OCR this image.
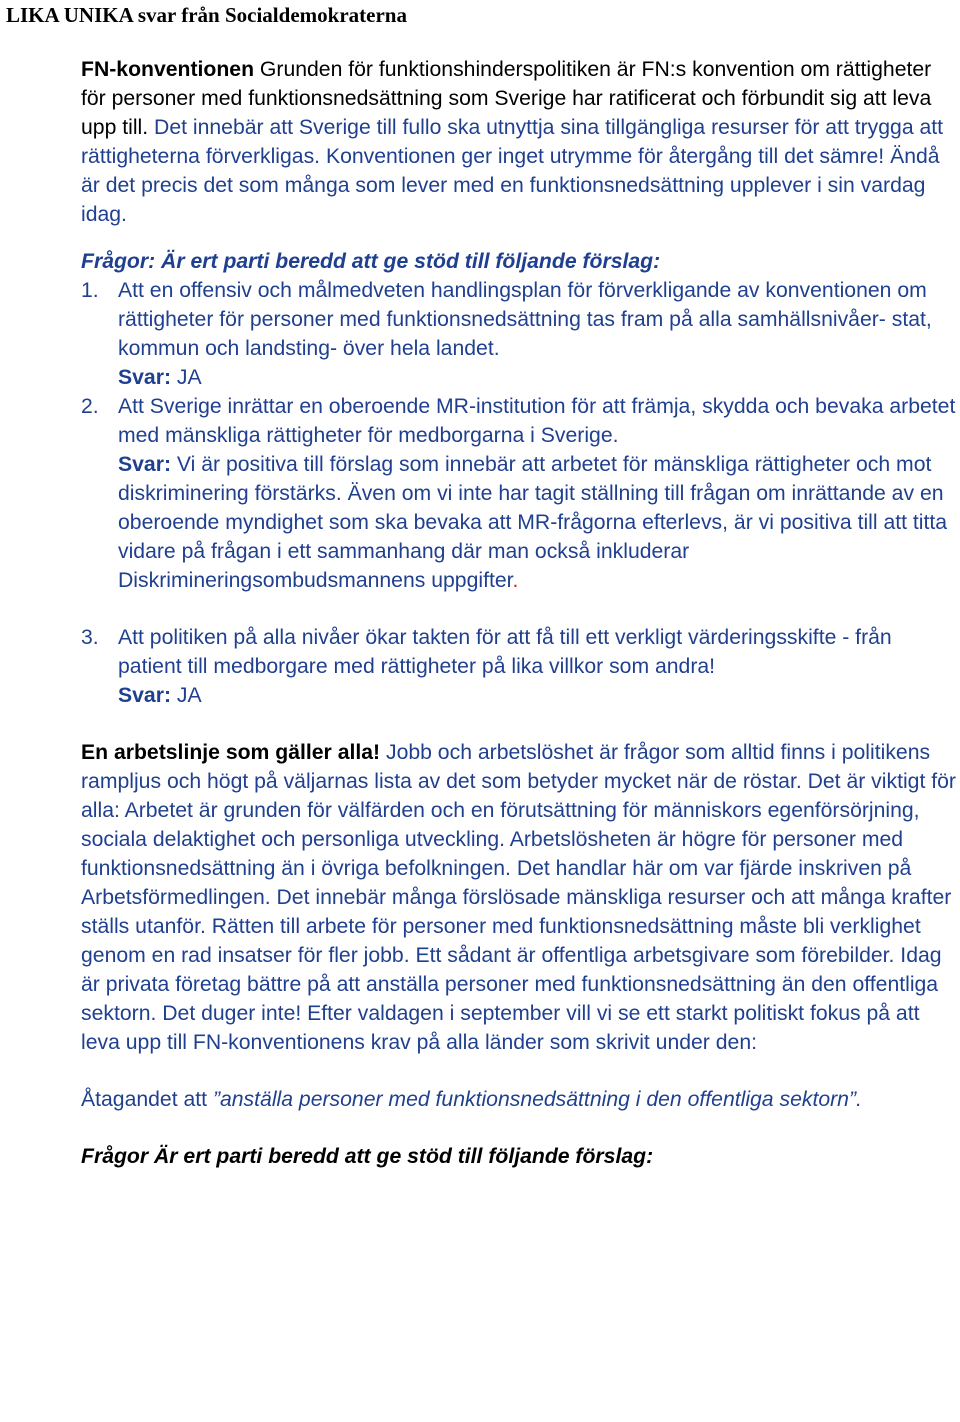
LIKA UNIKA svar från Socialdemokraterna

FN-konventionen Grunden för funktionshinderspolitiken är FN:s konvention om rättigheter för personer med funktionsnedsättning som Sverige har ratificerat och förbundit sig att leva upp till. Det innebär att Sverige till fullo ska utnyttja sina tillgängliga resurser för att trygga att rättigheterna förverkligas. Konventionen ger inget utrymme för återgång till det sämre! Ändå är det precis det som många som lever med en funktionsnedsättning upplever i sin vardag idag.

Frågor: Är ert parti beredd att ge stöd till följande förslag:

1. Att en offensiv och målmedveten handlingsplan för förverkligande av konventionen om rättigheter för personer med funktionsnedsättning tas fram på alla samhällsnivåer- stat, kommun och landsting- över hela landet.

Svar: JA

2. Att Sverige inrättar en oberoende MR-institution för att främja, skydda och bevaka arbetet med mänskliga rättigheter för medborgarna i Sverige.

Svar: Vi är positiva till förslag som innebär att arbetet för mänskliga rättigheter och mot diskriminering förstärks. Även om vi inte har tagit ställning till frågan om inrättande av en oberoende myndighet som ska bevaka att MR-frågorna efterlevs, är vi positiva till att titta vidare på frågan i ett sammanhang där man också inkluderar Diskrimineringsombudsmannens uppgifter.

3. Att politiken på alla nivåer ökar takten för att få till ett verkligt värderingsskifte - från patient till medborgare med rättigheter på lika villkor som andra!

Svar: JA

En arbetslinje som gäller alla! Jobb och arbetslöshet är frågor som alltid finns i politikens rampljus och högt på väljarnas lista av det som betyder mycket när de röstar. Det är viktigt för alla: Arbetet är grunden för välfärden och en förutsättning för människors egenförsörjning, sociala delaktighet och personliga utveckling. Arbetslösheten är högre för personer med funktionsnedsättning än i övriga befolkningen. Det handlar här om var fjärde inskriven på Arbetsförmedlingen. Det innebär många förslösade mänskliga resurser och att många krafter ställs utanför. Rätten till arbete för personer med funktionsnedsättning måste bli verklighet genom en rad insatser för fler jobb. Ett sådant är offentliga arbetsgivare som förebilder. Idag är privata företag bättre på att anställa personer med funktionsnedsättning än den offentliga sektorn. Det duger inte! Efter valdagen i september vill vi se ett starkt politiskt fokus på att leva upp till FN-konventionens krav på alla länder som skrivit under den:

Åtagandet att ”anställa personer med funktionsnedsättning i den offentliga sektorn”.

Frågor Är ert parti beredd att ge stöd till följande förslag:
